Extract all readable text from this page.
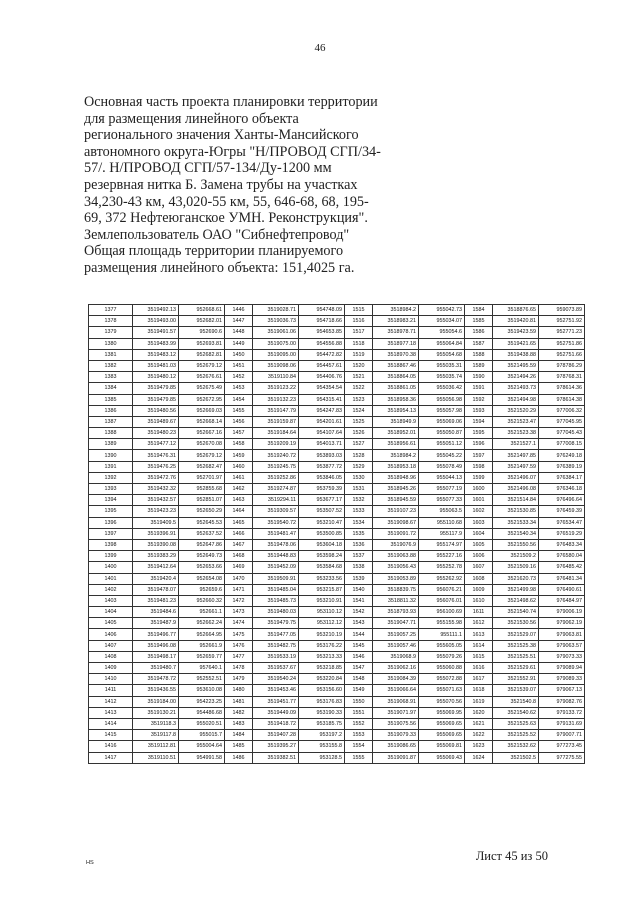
46
Основная часть проекта планировки территории
для размещения линейного объекта
регионального значения Ханты-Мансийского
автономного округа-Югры "Н/ПРОВОД СГП/34-
57/. Н/ПРОВОД СГП/57-134/Ду-1200 мм
резервная нитка Б. Замена трубы на участках
34,230-43 км, 43,020-55 км, 55, 646-68, 68, 195-
69, 372 Нефтеюганское УМН. Реконструкция".
Землепользователь ОАО "Сибнефтепровод"
Общая площадь территории планируемого
размещения линейного объекта: 151,4025 га.
1377	3519492.13	952668.61	1446	3519028.71	954748.09	1515	3518984.2	955042.73	1584	3518876.65	959073.89
1378	3519493.00	952682.01	1447	3519036.73	954718.66	1516	3518983.21	955034.07	1585	3519420.81	952751.92
1379	3519491.57	952690.6	1448	3519061.06	954653.85	1517	3518978.71	955054.6	1586	3519423.59	952771.23
1380	3519483.99	952693.81	1449	3519075.00	954556.88	1518	3518977.18	955064.84	1587	3519421.65	952751.86
1381	3519483.12	952682.81	1450	3519095.00	954472.82	1519	3518970.38	955054.68	1588	3519438.88	952751.66
1382	3519481.03	952679.12	1451	3519098.06	954457.61	1520	3518867.46	955035.31	1589	3521495.59	978786.29
1383	3519480.12	952676.61	1452	3519110.84	954406.76	1521	3518864.05	955035.74	1590	3521494.26	978768.31
1384	3519479.85	952675.49	1453	3519123.22	954354.54	1522	3518861.05	955036.42	1591	3521493.73	978614.36
1385	3519479.85	952672.95	1454	3519132.23	954315.41	1523	3518958.36	955056.98	1592	3521494.98	978614.38
1386	3519480.56	952669.03	1455	3519147.79	954247.83	1524	3518954.13	955057.98	1593	3521520.29	977006.32
1387	3519489.67	952668.14	1456	3519159.87	954201.61	1525	3518949.9	955069.06	1594	3521523.47	977045.95
1388	3519480.23	952667.16	1457	3519184.64	954107.64	1526	3518952.01	955050.87	1595	3521523.38	977045.43
1389	3519477.12	952670.08	1458	3519209.19	954013.71	1527	3518956.61	955051.12	1596	3521527.1	977008.15
1390	3519476.31	952679.12	1459	3519240.72	953893.03	1528	3518984.2	955045.22	1597	3521497.85	976249.18
1391	3519476.25	952682.47	1460	3519245.75	953877.72	1529	3518953.18	955078.49	1598	3521497.59	976389.19
1392	3519472.76	952701.97	1461	3519252.86	953846.05	1530	3518948.96	955044.13	1599	3521496.07	976384.17
1393	3519432.32	952855.68	1462	3519274.87	953759.39	1531	3518945.26	955077.19	1600	3521496.08	976346.18
1394	3519432.57	952851.07	1463	3519294.11	953677.17	1532	3518945.59	955077.33	1601	3521514.84	976496.64
1395	3519423.23	952650.29	1464	3519309.57	953507.52	1533	3519107.23	955063.5	1602	3521530.85	976459.39
1396	3519409.5	952645.53	1465	3519540.72	953210.47	1534	3519098.67	955110.68	1603	3521533.34	976534.47
1397	3519396.91	952637.52	1466	3519481.47	953500.85	1535	3519091.72	955117.9	1604	3521540.34	976519.29
1398	3519390.08	952647.86	1467	3519478.06	953604.18	1536	3519076.9	955174.97	1605	3521550.56	976483.34
1399	3519383.29	952649.73	1468	3519448.83	953598.24	1537	3519063.88	955227.16	1606	3521509.2	976580.04
1400	3519412.64	952653.66	1469	3519452.09	953584.68	1538	3519056.43	955252.78	1607	3521509.16	976485.42
1401	3519420.4	952654.08	1470	3519509.91	953233.56	1539	3519053.89	955262.92	1608	3521620.73	976481.34
1402	3519478.07	952659.6	1471	3519485.04	953215.87	1540	3518839.75	956076.21	1609	3521499.98	976490.61
1403	3519481.23	952660.32	1472	3519485.73	953210.91	1541	3518811.32	956076.01	1610	3521498.62	976484.97
1404	3519484.6	952661.1	1473	3519480.03	953110.12	1542	3518793.93	956100.69	1611	3521540.74	979006.19
1405	3519487.9	952662.24	1474	3519479.75	953112.12	1543	3519047.71	955155.98	1612	3521530.56	979062.19
1406	3519496.77	952664.95	1475	3519477.05	953210.19	1544	3519057.25	955111.1	1613	3521529.07	979063.81
1407	3519496.08	952661.9	1476	3519482.75	953176.22	1545	3519057.46	955605.05	1614	3521525.38	979063.57
1408	3519498.17	952659.77	1477	3519533.19	953213.33	1546	3519068.9	955079.26	1615	3521525.51	979073.33
1409	3519480.7	957640.1	1478	3519537.67	953218.85	1547	3519062.16	955060.88	1616	3521529.61	979089.94
1410	3519478.72	952552.51	1479	3519540.24	953220.84	1548	3519084.39	955072.88	1617	3521552.91	979089.33
1411	3519436.55	953610.08	1480	3519453.46	953156.60	1549	3519066.64	955071.63	1618	3521539.07	979067.13
1412	3519184.00	954223.25	1481	3519451.77	953176.83	1550	3519068.91	955070.56	1619	3521540.8	979082.76
1413	3519130.21	954486.68	1482	3519449.09	953190.33	1551	3519071.97	955069.95	1620	3521540.62	979133.72
1414	3519118.3	955020.51	1483	3519418.72	953185.75	1552	3519075.56	955069.65	1621	3521525.63	979131.69
1415	3519117.8	955015.7	1484	3519407.28	953197.2	1553	3519079.33	955069.65	1622	3521525.52	979007.71
1416	3519112.81	955004.64	1485	3519395.27	953155.8	1554	3519086.65	955069.81	1623	3521532.62	977273.45
1417	3519110.51	954991.58	1486	3519382.51	953128.5	1555	3519091.87	955069.43	1624	3521502.5	977275.55
HS	Лист 45 из 50
